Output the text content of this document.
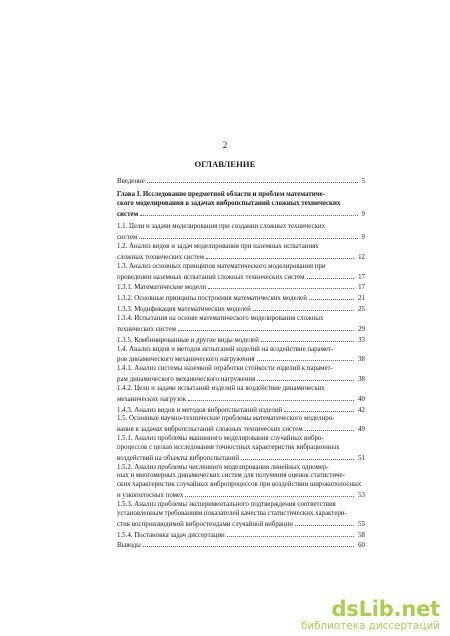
2
ОГЛАВЛЕНИЕ
Введение	5
Глава I. Исследование предметной области и проблем математиче-
ского моделирования в задачах вибропспытаний сложных технических
систем	9
1.1. Цели и задачи моделирования при создании сложных технических
систем	9
1.2. Анализ видов и задач моделирования при наземных испытаниях
сложных технических систем	12
1.3. Анализ основных принципов математического моделирования при
проведении наземных испытаний сложных технических систем	17
1.3.1. Математические модели	17
1.3.2. Основные принципы построения математических моделей	21
1.3.3. Модификация математических моделей	25
1.3.4. Испытания на основе математического моделирования сложных
технических систем	29
1.3.5. Комбинированные и другие виды моделей	33
1.4. Анализ видов и методов испытаний изделий на воздействие парамет-
ров динамического механического нагружения	38
1.4.1. Анализ системы наземной отработки стойкости изделий к парамет-
рам динамического механического нагружения	38
1.4.2. Цели и задачи испытаний изделий на воздействие динамических
механических нагрузок	40
1.4.3. Анализ видов и методов вибропспытаний изделий	42
1.5. Основные научно-технические проблемы математического моделиро-
вания в задачах вибропспытаний сложных технических систем	49
1.5.1. Анализ проблемы машинного моделирования случайных вибро-
процессов с целью исследования точностных характеристик вибрационных
воздействий на объекты вибропспытаний	51
1.5.2. Анализ проблемы численного моделирования линейных одномер-
ных и многомерных динамических систем для получения оценок статистиче-
ских характеристик случайных вибропроцессов при воздействии широкополосных
и узкополосных помех	53
1.5.3. Анализ проблемы экспериментального подтверждения соответствия
установленным требованиям показателей качества статистических характери-
стик воспроизводимой вибростендами случайной вибрации	55
1.5.4. Постановка задач диссертации	58
Выводы	60
dsLib.net
библиотека диссертаций
